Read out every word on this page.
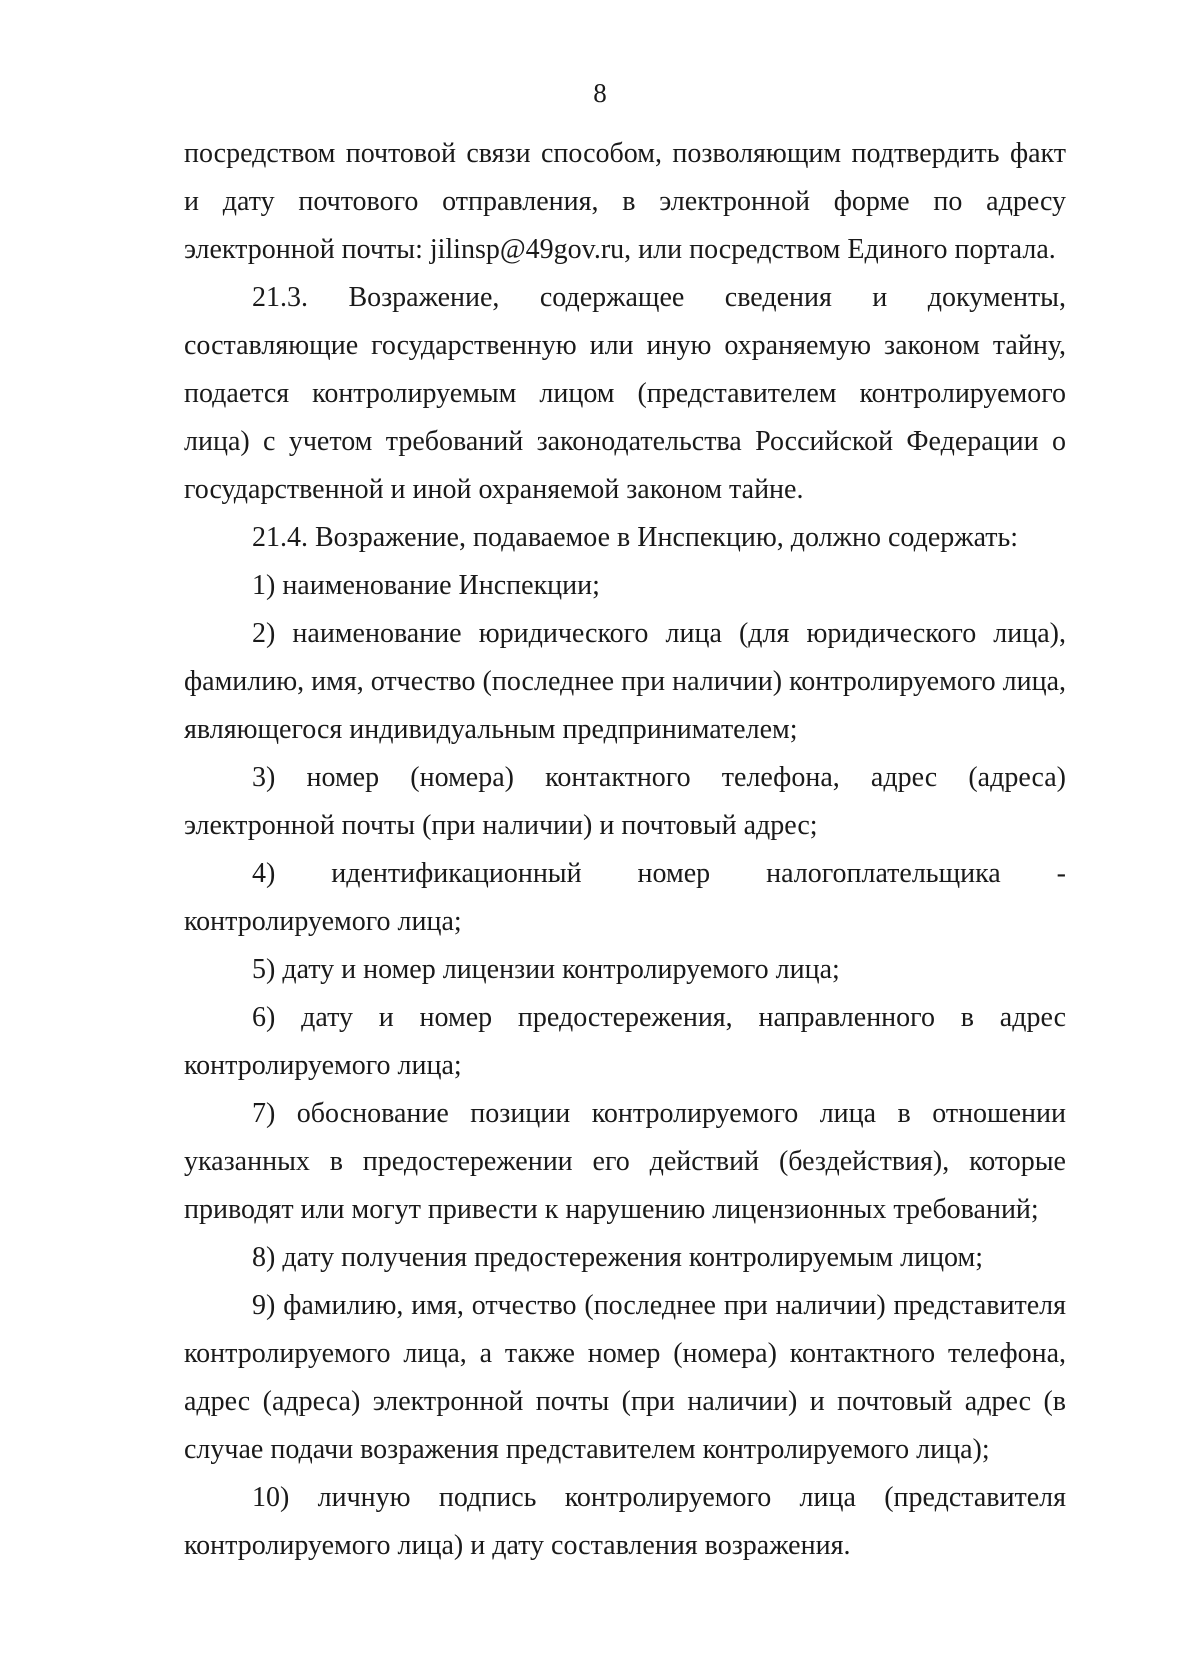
8

посредством почтовой связи способом, позволяющим подтвердить факт и дату почтового отправления, в электронной форме по адресу электронной почты: jilinsp@49gov.ru, или посредством Единого портала.

21.3. Возражение, содержащее сведения и документы, составляющие государственную или иную охраняемую законом тайну, подается контролируемым лицом (представителем контролируемого лица) с учетом требований законодательства Российской Федерации о государственной и иной охраняемой законом тайне.

21.4. Возражение, подаваемое в Инспекцию, должно содержать:

1) наименование Инспекции;

2) наименование юридического лица (для юридического лица), фамилию, имя, отчество (последнее при наличии) контролируемого лица, являющегося индивидуальным предпринимателем;

3) номер (номера) контактного телефона, адрес (адреса) электронной почты (при наличии) и почтовый адрес;

4) идентификационный номер налогоплательщика - контролируемого лица;

5) дату и номер лицензии контролируемого лица;

6) дату и номер предостережения, направленного в адрес контролируемого лица;

7) обоснование позиции контролируемого лица в отношении указанных в предостережении его действий (бездействия), которые приводят или могут привести к нарушению лицензионных требований;

8) дату получения предостережения контролируемым лицом;

9) фамилию, имя, отчество (последнее при наличии) представителя контролируемого лица, а также номер (номера) контактного телефона, адрес (адреса) электронной почты (при наличии) и почтовый адрес (в случае подачи возражения представителем контролируемого лица);

10) личную подпись контролируемого лица (представителя контролируемого лица) и дату составления возражения.
